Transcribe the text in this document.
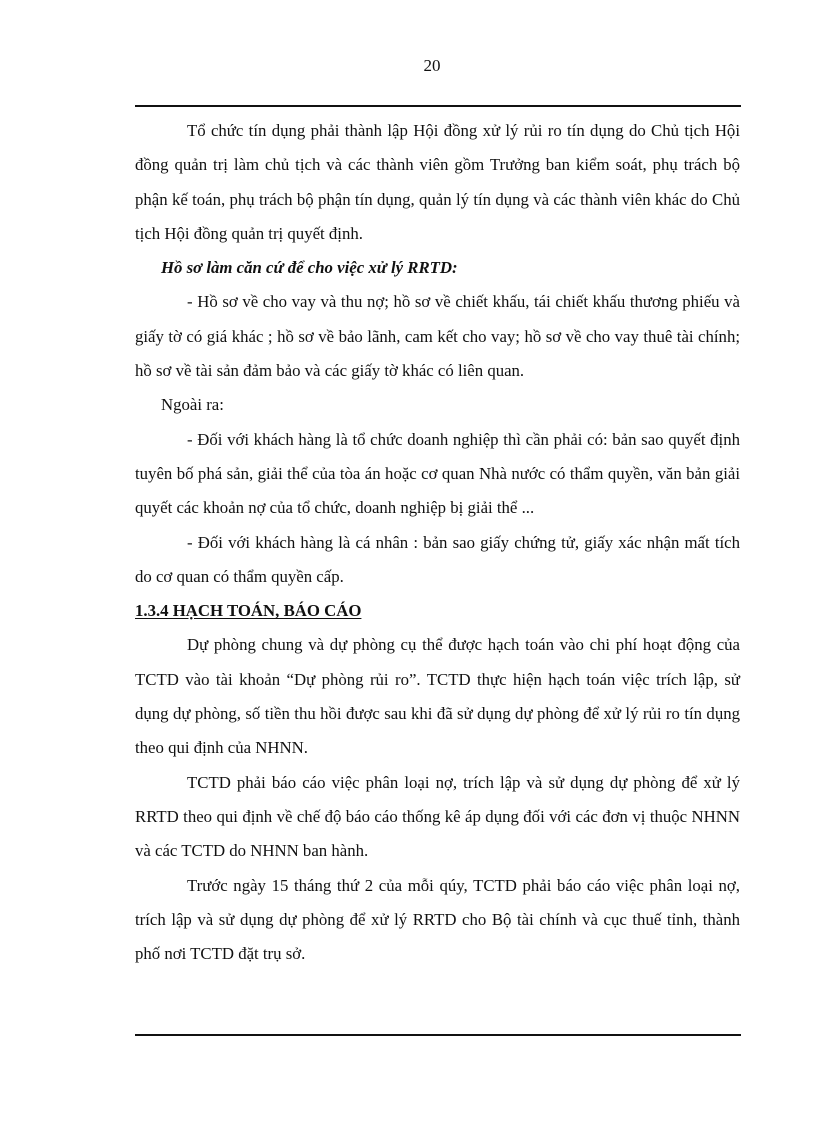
20

Tổ chức tín dụng phải thành lập Hội đồng xử lý rủi ro tín dụng do Chủ tịch Hội đồng quản trị làm chủ tịch và các thành viên gồm Trưởng ban kiểm soát, phụ trách bộ phận kế toán, phụ trách bộ phận tín dụng, quản lý tín dụng và các thành viên khác do Chủ tịch Hội đồng quản trị quyết định.

Hồ sơ làm căn cứ để cho việc xử lý RRTD:

- Hồ sơ về cho vay và thu nợ; hồ sơ về chiết khấu, tái chiết khấu thương phiếu và giấy tờ có giá khác ; hồ sơ về bảo lãnh, cam kết cho vay; hồ sơ về cho vay thuê tài chính; hồ sơ về tài sản đảm bảo và các giấy tờ khác có liên quan.

Ngoài ra:

- Đối với khách hàng là tổ chức doanh nghiệp thì cần phải có: bản sao quyết định tuyên bố phá sản, giải thể của tòa án hoặc cơ quan Nhà nước có thẩm quyền, văn bản giải quyết các khoản nợ của tổ chức, doanh nghiệp bị giải thể ...

- Đối với khách hàng là cá nhân : bản sao giấy chứng tử, giấy xác nhận mất tích do cơ quan có thẩm quyền cấp.

1.3.4 HẠCH TOÁN, BÁO CÁO

Dự phòng chung và dự phòng cụ thể được hạch toán vào chi phí hoạt động của TCTD vào tài khoản “Dự phòng rủi ro”. TCTD thực hiện hạch toán việc trích lập, sử dụng dự phòng, số tiền thu hồi được sau khi đã sử dụng dự phòng để xử lý rủi ro tín dụng theo qui định của NHNN.

TCTD phải báo cáo việc phân loại nợ, trích lập và sử dụng dự phòng để xử lý RRTD theo qui định về chế độ báo cáo thống kê áp dụng đối với các đơn vị thuộc NHNN và các TCTD do NHNN ban hành.

Trước ngày 15 tháng thứ 2 của mỗi qúy, TCTD phải báo cáo việc phân loại nợ, trích lập và sử dụng dự phòng để xử lý RRTD cho Bộ tài chính và cục thuế tỉnh, thành phố nơi TCTD đặt trụ sở.
